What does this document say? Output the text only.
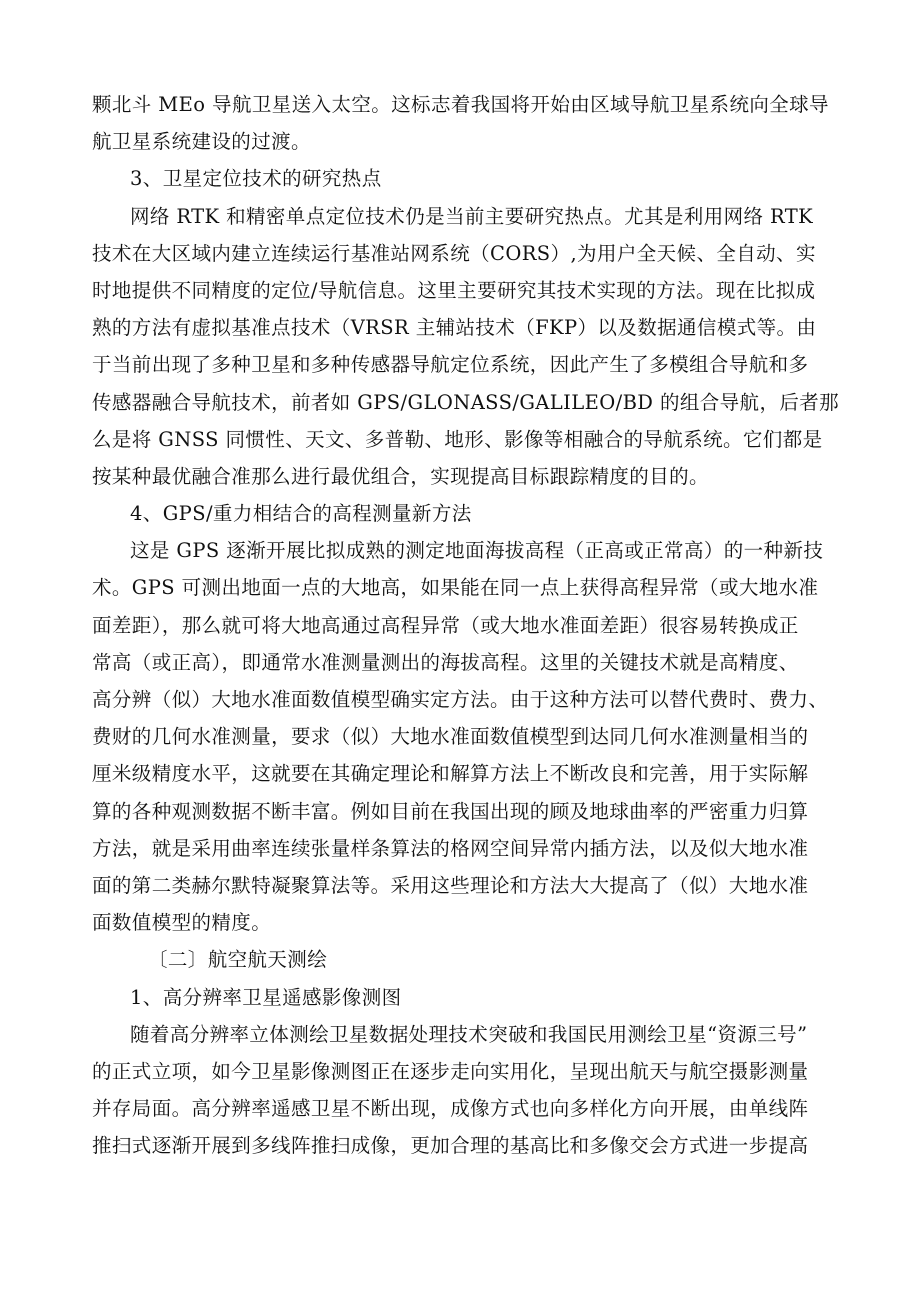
颗北斗 MEo 导航卫星送入太空。这标志着我国将开始由区域导航卫星系统向全球导
航卫星系统建设的过渡。
3、卫星定位技术的研究热点
网络 RTK 和精密单点定位技术仍是当前主要研究热点。尤其是利用网络 RTK
技术在大区域内建立连续运行基准站网系统（CORS）,为用户全天候、全自动、实
时地提供不同精度的定位/导航信息。这里主要研究其技术实现的方法。现在比拟成
熟的方法有虚拟基准点技术（VRSR 主辅站技术（FKP）以及数据通信模式等。由
于当前出现了多种卫星和多种传感器导航定位系统，因此产生了多模组合导航和多
传感器融合导航技术，前者如 GPS/GLONASS/GALILEO/BD 的组合导航，后者那
么是将 GNSS 同惯性、天文、多普勒、地形、影像等相融合的导航系统。它们都是
按某种最优融合准那么进行最优组合，实现提高目标跟踪精度的目的。
4、GPS/重力相结合的高程测量新方法
这是 GPS 逐渐开展比拟成熟的测定地面海拔高程（正高或正常高）的一种新技
术。GPS 可测出地面一点的大地高，如果能在同一点上获得高程异常（或大地水准
面差距），那么就可将大地高通过高程异常（或大地水准面差距）很容易转换成正
常高（或正高），即通常水准测量测出的海拔高程。这里的关键技术就是高精度、
高分辨（似）大地水准面数值模型确实定方法。由于这种方法可以替代费时、费力、
费财的几何水准测量，要求（似）大地水准面数值模型到达同几何水准测量相当的
厘米级精度水平，这就要在其确定理论和解算方法上不断改良和完善，用于实际解
算的各种观测数据不断丰富。例如目前在我国出现的顾及地球曲率的严密重力归算
方法，就是采用曲率连续张量样条算法的格网空间异常内插方法，以及似大地水准
面的第二类赫尔默特凝聚算法等。采用这些理论和方法大大提高了（似）大地水准
面数值模型的精度。
〔二〕航空航天测绘
1、高分辨率卫星遥感影像测图
随着高分辨率立体测绘卫星数据处理技术突破和我国民用测绘卫星“资源三号”
的正式立项，如今卫星影像测图正在逐步走向实用化，呈现出航天与航空摄影测量
并存局面。高分辨率遥感卫星不断出现，成像方式也向多样化方向开展，由单线阵
推扫式逐渐开展到多线阵推扫成像，更加合理的基高比和多像交会方式进一步提高
